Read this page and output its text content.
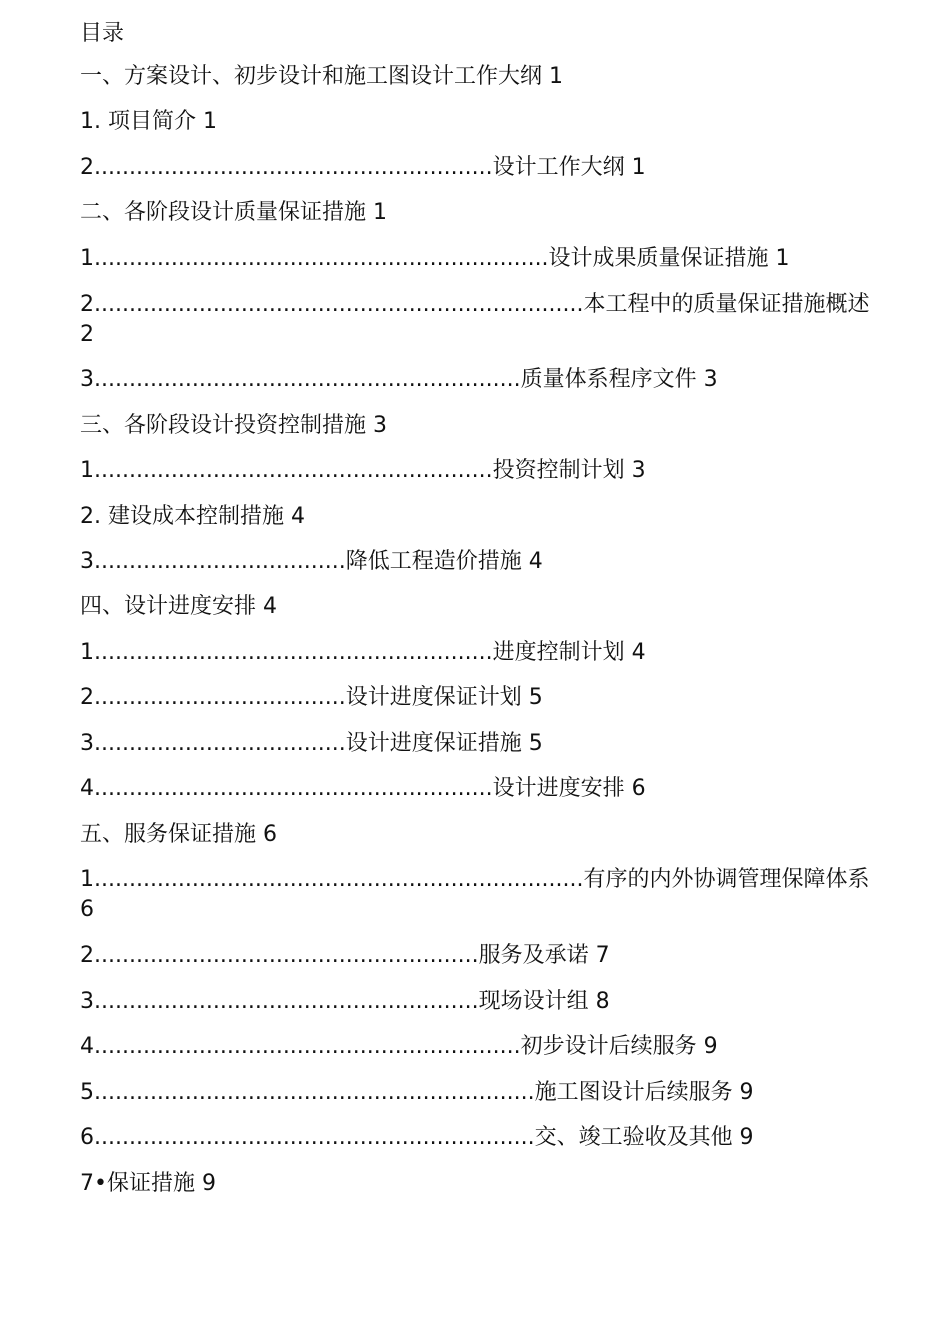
目录
一、方案设计、初步设计和施工图设计工作大纲 1
1. 项目简介 1
2.........................................................设计工作大纲 1
二、各阶段设计质量保证措施 1
1.................................................................设计成果质量保证措施 1
2......................................................................本工程中的质量保证措施概述 2
3.............................................................质量体系程序文件 3
三、各阶段设计投资控制措施 3
1.........................................................投资控制计划 3
2. 建设成本控制措施 4
3....................................降低工程造价措施 4
四、设计进度安排 4
1.........................................................进度控制计划 4
2....................................设计进度保证计划 5
3....................................设计进度保证措施 5
4.........................................................设计进度安排 6
五、服务保证措施 6
1......................................................................有序的内外协调管理保障体系 6
2.......................................................服务及承诺 7
3.......................................................现场设计组 8
4.............................................................初步设计后续服务 9
5...............................................................施工图设计后续服务 9
6...............................................................交、竣工验收及其他 9
7•保证措施 9
